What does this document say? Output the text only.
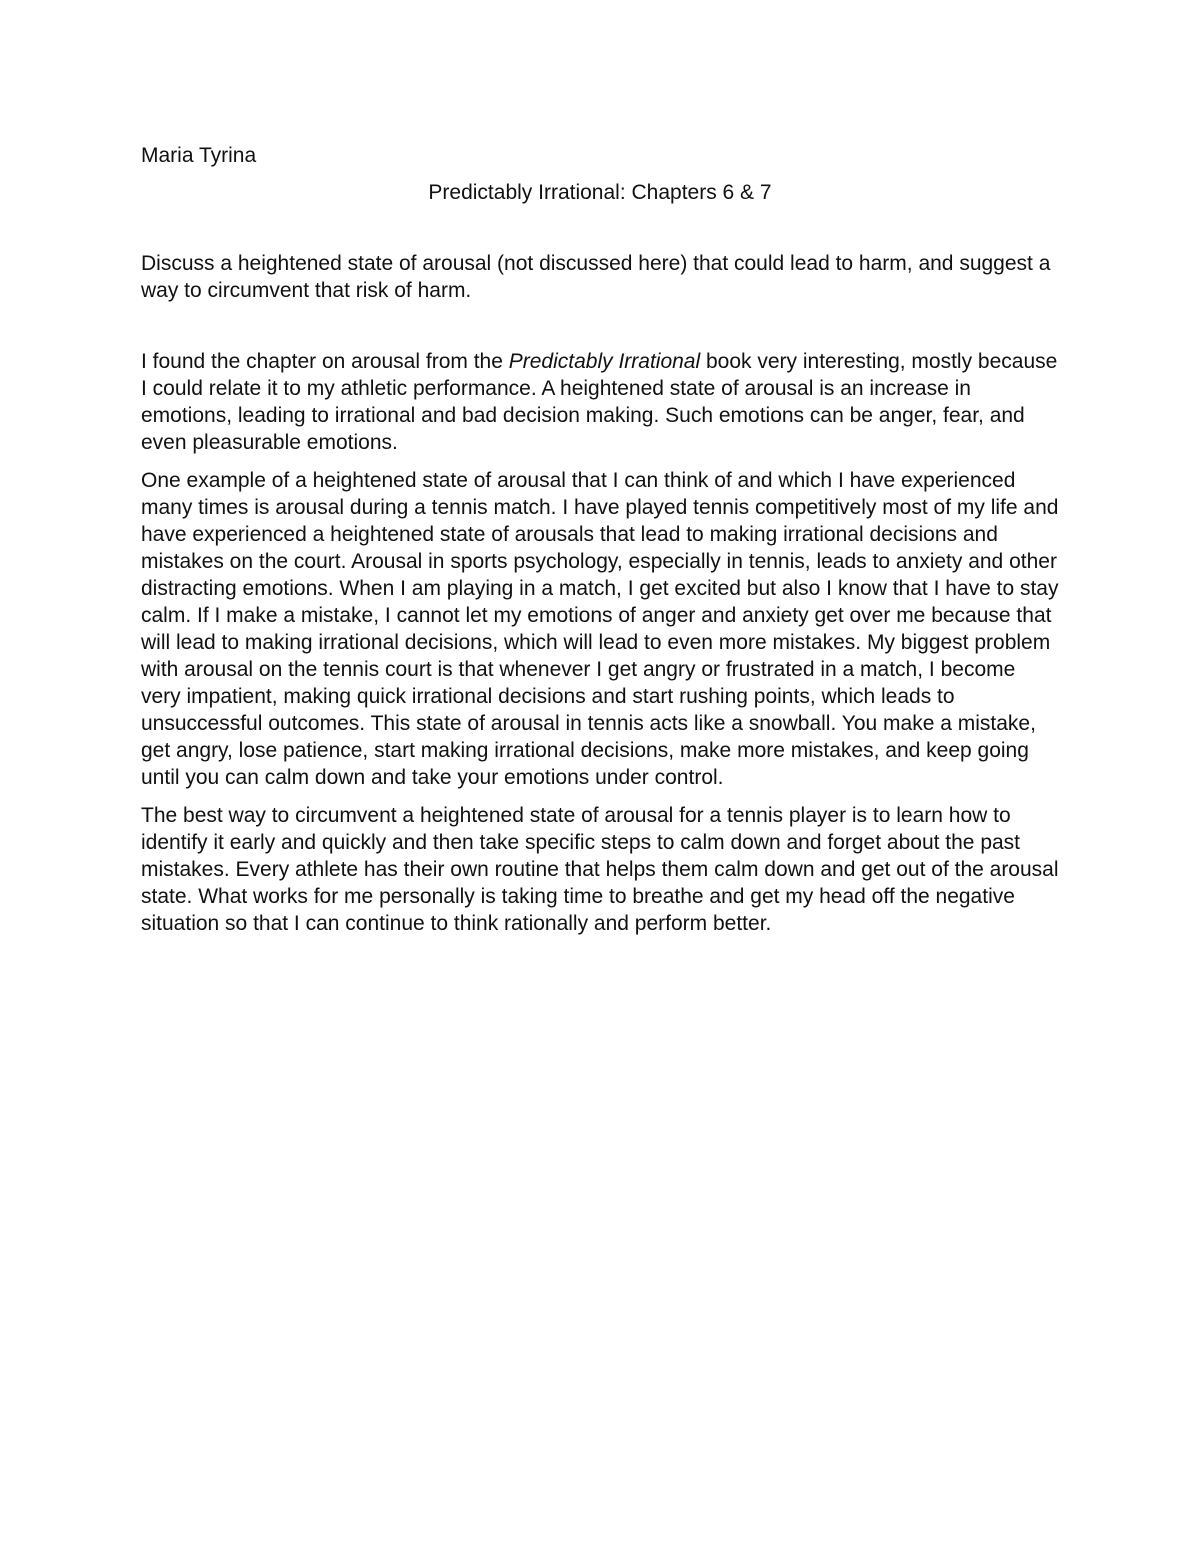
Maria Tyrina

Predictably Irrational: Chapters 6 & 7

Discuss a heightened state of arousal (not discussed here) that could lead to harm, and suggest a way to circumvent that risk of harm.

I found the chapter on arousal from the Predictably Irrational book very interesting, mostly because I could relate it to my athletic performance. A heightened state of arousal is an increase in emotions, leading to irrational and bad decision making. Such emotions can be anger, fear, and even pleasurable emotions.

One example of a heightened state of arousal that I can think of and which I have experienced many times is arousal during a tennis match. I have played tennis competitively most of my life and have experienced a heightened state of arousals that lead to making irrational decisions and mistakes on the court. Arousal in sports psychology, especially in tennis, leads to anxiety and other distracting emotions. When I am playing in a match, I get excited but also I know that I have to stay calm. If I make a mistake, I cannot let my emotions of anger and anxiety get over me because that will lead to making irrational decisions, which will lead to even more mistakes. My biggest problem with arousal on the tennis court is that whenever I get angry or frustrated in a match, I become very impatient, making quick irrational decisions and start rushing points, which leads to unsuccessful outcomes. This state of arousal in tennis acts like a snowball. You make a mistake, get angry, lose patience, start making irrational decisions, make more mistakes, and keep going until you can calm down and take your emotions under control.

The best way to circumvent a heightened state of arousal for a tennis player is to learn how to identify it early and quickly and then take specific steps to calm down and forget about the past mistakes. Every athlete has their own routine that helps them calm down and get out of the arousal state. What works for me personally is taking time to breathe and get my head off the negative situation so that I can continue to think rationally and perform better.
